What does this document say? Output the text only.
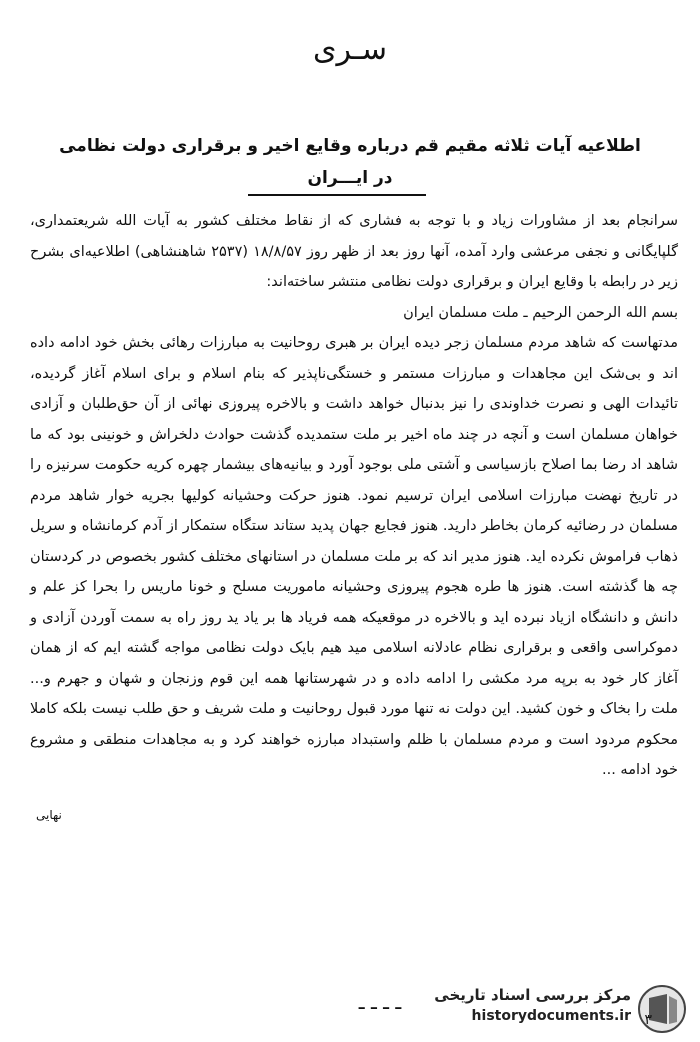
سـری
اطلاعیه آیات ثلاثه مقیم قم درباره وقایع اخیر و برقراری دولت نظامی
در ایـــران

سرانجام بعد از مشاورات زیاد و با توجه به فشاری که از نقاط مختلف کشور به آیات الله شریعتمداری، گلپایگانی و نجفی مرعشی وارد آمده، آنها روز بعد از ظهر روز ۱۸/۸/۵۷ (۲۵۳۷ شاهنشاهی) اطلاعیه‌ای بشرح زیر در رابطه با وقایع ایران و برقراری دولت نظامی منتشر ساخته‌اند:

بسم الله الرحمن الرحیم ـ ملت مسلمان ایران

مدتهاست که شاهد مردم مسلمان زجر دیده ایران بر هبری روحانیت به مبارزات رهائی بخش خود ادامه داده اند و بی‌شک این مجاهدات و مبارزات مستمر و خستگی‌ناپذیر که بنام اسلام و برای اسلام آغاز گردیده، تائیدات الهی و نصرت خداوندی را نیز بدنبال خواهد داشت و بالاخره پیروزی نهائی از آن حق‌طلبان و آزادی خواهان مسلمان است و آنچه در چند ماه اخیر بر ملت ستمدیده گذشت حوادث دلخراش و خونینی بود که ما شاهد اد رضا بما اصلاح بازسیاسی و آشتی ملی بوجود آورد و بیانیه‌های بیشمار چهره کریه حکومت سرنیزه را در تاریخ نهضت مبارزات اسلامی ایران ترسیم نمود. هنوز حرکت وحشیانه کولیها بجریه خوار شاهد مردم مسلمان در رضائیه کرمان بخاطر دارید. هنوز فجایع جهان پدید ستاند ستگاه ستمکار از آدم کرمانشاه و سریل ذهاب فراموش نکرده اید. هنوز مدیر اند که بر ملت مسلمان در استانهای مختلف کشور بخصوص در کردستان چه ها گذشته است. هنوز ها طره هجوم پیروزی وحشیانه ماموریت مسلح و خونا ماریس را بحرا کز علم و دانش و دانشگاه ازیاد نبرده اید و بالاخره در موقعیکه همه فریاد ها بر یاد ید روز راه به سمت آوردن آزادی و دموکراسی واقعی و برقراری نظام عادلانه اسلامی مید هیم بایک دولت نظامی مواجه گشته ایم که از همان آغاز کار خود به برپه مرد مکشی را ادامه داده و در شهرستانها همه این قوم وزنجان و شهان و جهرم و... ملت را بخاک و خون کشید. این دولت نه تنها مورد قبول روحانیت و ملت شریف و حق طلب نیست بلکه کاملا محکوم مردود است و مردم مسلمان با ظلم واستبداد مبارزه خواهند کرد و به مجاهدات منطقی و مشروع خود ادامه ...

نهایی
ـ ـ ـ ـ	مرکز بررسی اسناد تاریخی
historydocuments.ir ۳
